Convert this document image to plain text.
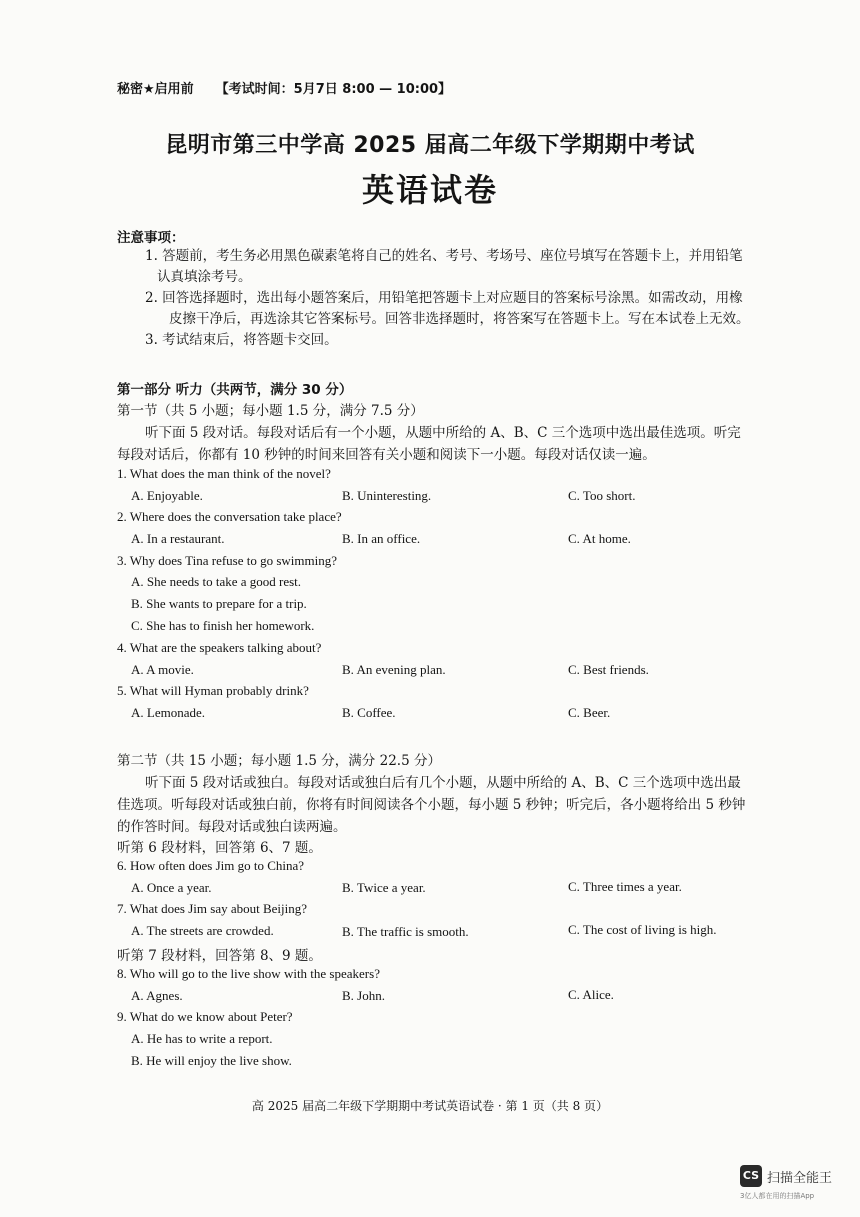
秘密★启用前 【考试时间：5月7日 8:00 — 10:00】
昆明市第三中学高 2025 届高二年级下学期期中考试
英语试卷
注意事项：
1. 答题前，考生务必用黑色碳素笔将自己的姓名、考号、考场号、座位号填写在答题卡上，并用铅笔
认真填涂考号。
2. 回答选择题时，选出每小题答案后，用铅笔把答题卡上对应题目的答案标号涂黑。如需改动，用橡
皮擦干净后，再选涂其它答案标号。回答非选择题时，将答案写在答题卡上。写在本试卷上无效。
3. 考试结束后，将答题卡交回。
第一部分 听力（共两节，满分 30 分）
第一节（共 5 小题；每小题 1.5 分，满分 7.5 分）
听下面 5 段对话。每段对话后有一个小题，从题中所给的 A、B、C 三个选项中选出最佳选项。听完
每段对话后，你都有 10 秒钟的时间来回答有关小题和阅读下一小题。每段对话仅读一遍。
1. What does the man think of the novel?
A. Enjoyable.	B. Uninteresting.	C. Too short.
2. Where does the conversation take place?
A. In a restaurant.	B. In an office.	C. At home.
3. Why does Tina refuse to go swimming?
A. She needs to take a good rest.
B. She wants to prepare for a trip.
C. She has to finish her homework.
4. What are the speakers talking about?
A. A movie.	B. An evening plan.	C. Best friends.
5. What will Hyman probably drink?
A. Lemonade.	B. Coffee.	C. Beer.
第二节（共 15 小题；每小题 1.5 分，满分 22.5 分）
听下面 5 段对话或独白。每段对话或独白后有几个小题，从题中所给的 A、B、C 三个选项中选出最
佳选项。听每段对话或独白前，你将有时间阅读各个小题，每小题 5 秒钟；听完后，各小题将给出 5 秒钟
的作答时间。每段对话或独白读两遍。
听第 6 段材料，回答第 6、7 题。
6. How often does Jim go to China?
A. Once a year.	B. Twice a year.	C. Three times a year.
7. What does Jim say about Beijing?
A. The streets are crowded.	B. The traffic is smooth.	C. The cost of living is high.
听第 7 段材料，回答第 8、9 题。
8. Who will go to the live show with the speakers?
A. Agnes.	B. John.	C. Alice.
9. What do we know about Peter?
A. He has to write a report.
B. He will enjoy the live show.
高 2025 届高二年级下学期期中考试英语试卷 · 第 1 页（共 8 页）
CS 扫描全能王
3亿人都在用的扫描App
